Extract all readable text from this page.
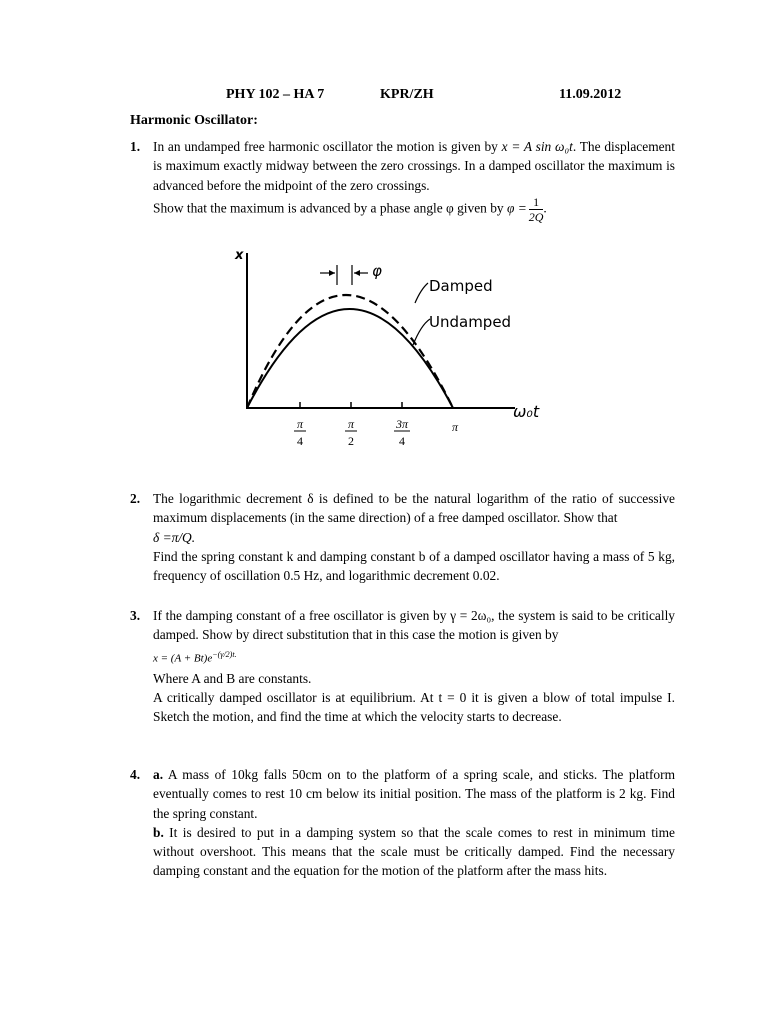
PHY 102 – HA 7	KPR/ZH	11.09.2012
Harmonic Oscillator:
1. In an undamped free harmonic oscillator the motion is given by x = A sin ω₀t. The displacement is maximum exactly midway between the zero crossings. In a damped oscillator the maximum is advanced before the midpoint of the zero crossings.

Show that the maximum is advanced by a phase angle φ given by $\varphi = \frac{1}{2Q}$ .

x
φ
Damped
Undamped
ω₀t
π
4
π
2
3π
4
π
2. The logarithmic decrement δ is defined to be the natural logarithm of the ratio of successive maximum displacements (in the same direction) of a free damped oscillator. Show that

δ =π/Q.

Find the spring constant k and damping constant b of a damped oscillator having a mass of 5 kg, frequency of oscillation 0.5 Hz, and logarithmic decrement 0.02.

3. If the damping constant of a free oscillator is given by γ = 2ω₀, the system is said to be critically damped. Show by direct substitution that in this case the motion is given by

$x = (A + Bt)e^{-(\gamma/2)t.}$

Where A and B are constants.

A critically damped oscillator is at equilibrium. At t = 0 it is given a blow of total impulse I. Sketch the motion, and find the time at which the velocity starts to decrease.

4. a. A mass of 10kg falls 50cm on to the platform of a spring scale, and sticks. The platform eventually comes to rest 10 cm below its initial position. The mass of the platform is 2 kg. Find the spring constant.

b. It is desired to put in a damping system so that the scale comes to rest in minimum time without overshoot. This means that the scale must be critically damped. Find the necessary damping constant and the equation for the motion of the platform after the mass hits.
